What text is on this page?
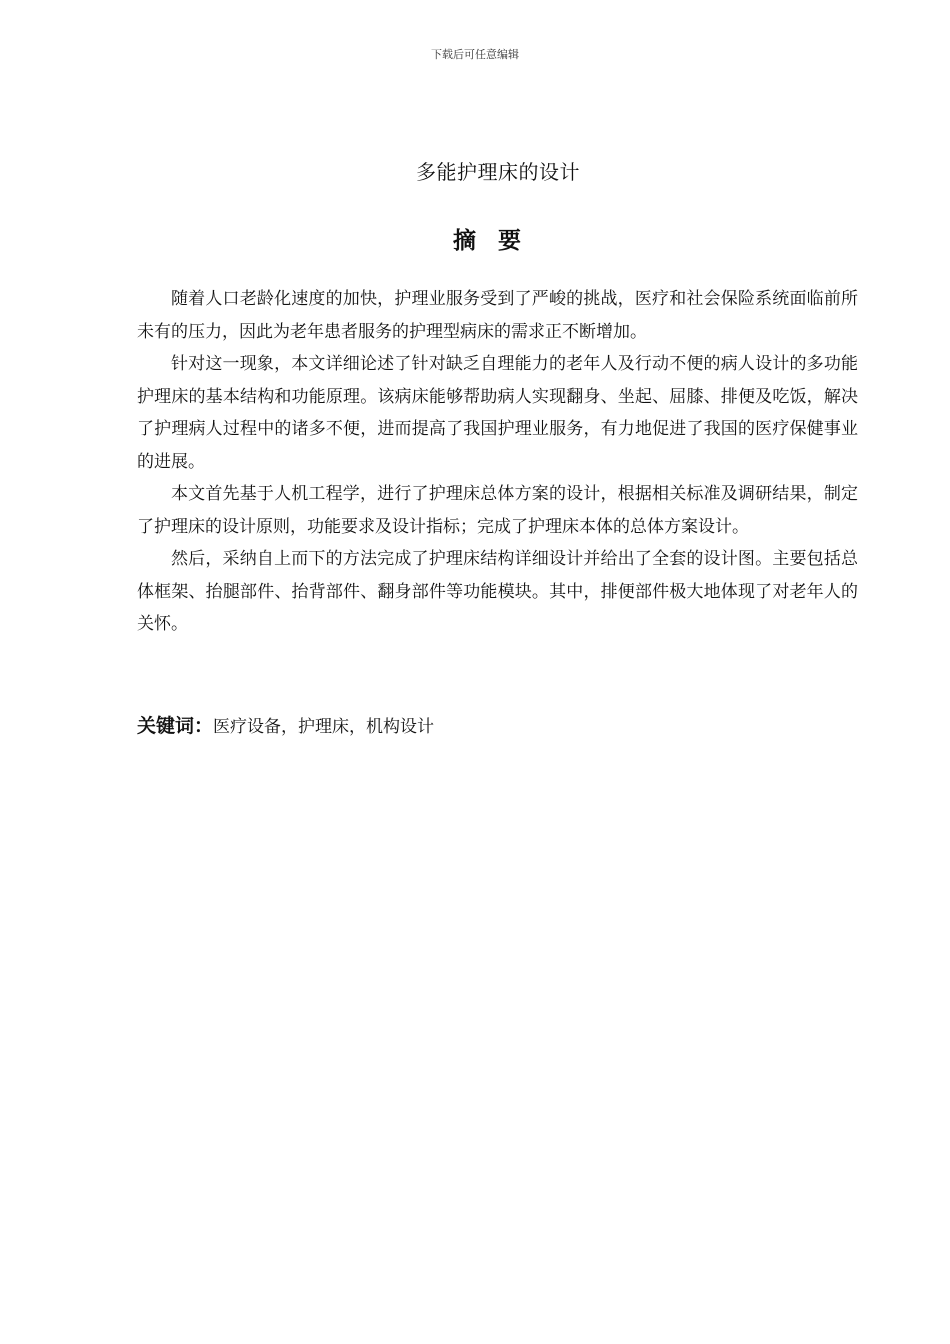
下载后可任意编辑
多能护理床的设计
摘要

随着人口老龄化速度的加快，护理业服务受到了严峻的挑战，医疗和社会保险系统面临前所未有的压力，因此为老年患者服务的护理型病床的需求正不断增加。

针对这一现象，本文详细论述了针对缺乏自理能力的老年人及行动不便的病人设计的多功能护理床的基本结构和功能原理。该病床能够帮助病人实现翻身、坐起、屈膝、排便及吃饭，解决了护理病人过程中的诸多不便，进而提高了我国护理业服务，有力地促进了我国的医疗保健事业的进展。

本文首先基于人机工程学，进行了护理床总体方案的设计，根据相关标准及调研结果，制定了护理床的设计原则，功能要求及设计指标；完成了护理床本体的总体方案设计。

然后，采纳自上而下的方法完成了护理床结构详细设计并给出了全套的设计图。主要包括总体框架、抬腿部件、抬背部件、翻身部件等功能模块。其中，排便部件极大地体现了对老年人的关怀。

关键词：医疗设备，护理床，机构设计
